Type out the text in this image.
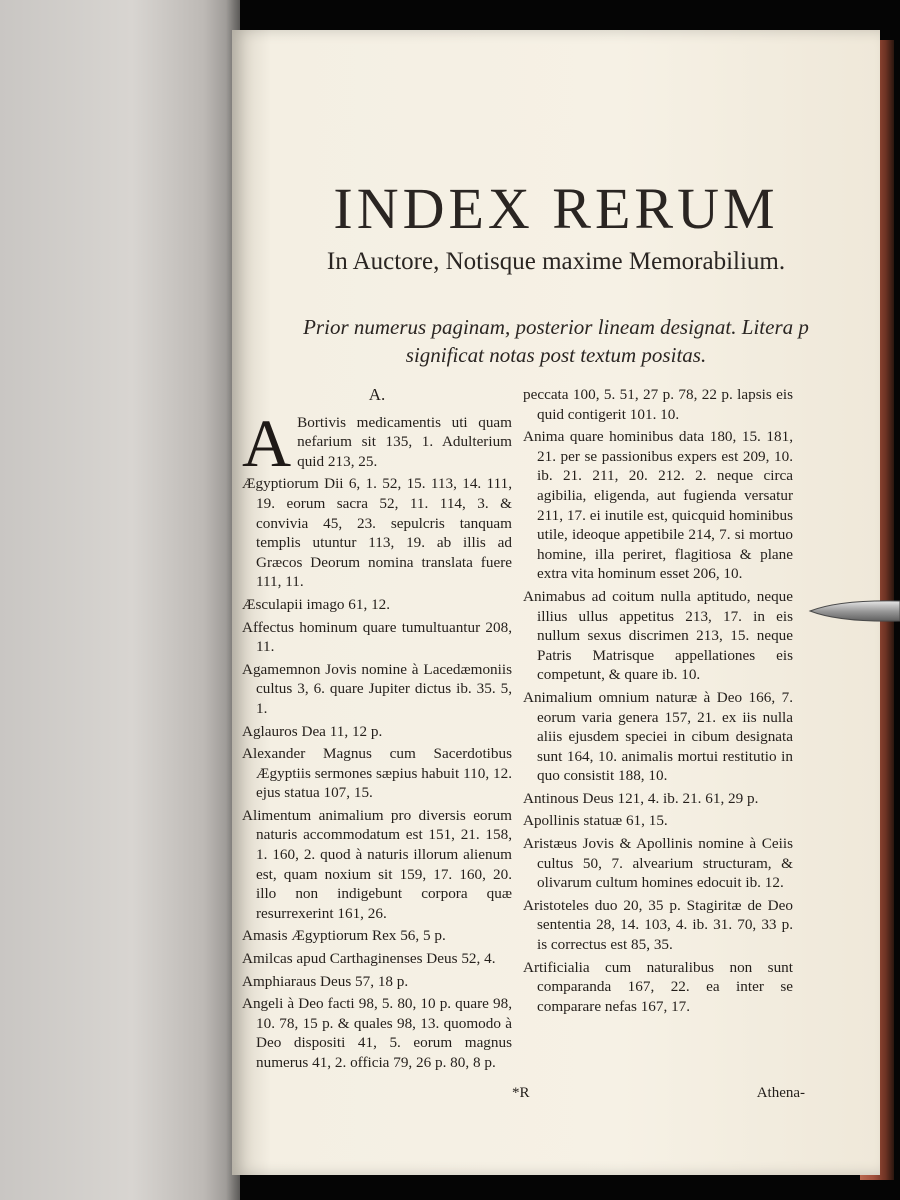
INDEX RERUM
In Auctore, Notisque maxime Memorabilium.
Prior numerus paginam, posterior lineam designat. Litera p
significat notas post textum positas.
A.
A Bortivis medicamentis uti quam nefarium sit 135, 1. Adulterium quid 213, 25.
Ægyptiorum Dii 6, 1. 52, 15. 113, 14. 111, 19. eorum sacra 52, 11. 114, 3. & convivia 45, 23. sepulcris tanquam templis utuntur 113, 19. ab illis ad Græcos Deorum nomina translata fuere 111, 11.
Æsculapii imago 61, 12.
Affectus hominum quare tumultuantur 208, 11.
Agamemnon Jovis nomine à Lacedæmoniis cultus 3, 6. quare Jupiter dictus ib. 35. 5, 1.
Aglauros Dea 11, 12 p.
Alexander Magnus cum Sacerdotibus Ægyptiis sermones sæpius habuit 110, 12. ejus statua 107, 15.
Alimentum animalium pro diversis eorum naturis accommodatum est 151, 21. 158, 1. 160, 2. quod à naturis illorum alienum est, quam noxium sit 159, 17. 160, 20. illo non indigebunt corpora quæ resurrexerint 161, 26.
Amasis Ægyptiorum Rex 56, 5 p.
Amilcas apud Carthaginenses Deus 52, 4.
Amphiaraus Deus 57, 18 p.
Angeli à Deo facti 98, 5. 80, 10 p. quare 98, 10. 78, 15 p. & quales 98, 13. quomodo à Deo dispositi 41, 5. eorum magnus numerus 41, 2. officia 79, 26 p. 80, 8 p.
peccata 100, 5. 51, 27 p. 78, 22 p. lapsis eis quid contigerit 101. 10.
Anima quare hominibus data 180, 15. 181, 21. per se passionibus expers est 209, 10. ib. 21. 211, 20. 212. 2. neque circa agibilia, eligenda, aut fugienda versatur 211, 17. ei inutile est, quicquid hominibus utile, ideoque appetibile 214, 7. si mortuo homine, illa periret, flagitiosa & plane extra vita hominum esset 206, 10.
Animabus ad coitum nulla aptitudo, neque illius ullus appetitus 213, 17. in eis nullum sexus discrimen 213, 15. neque Patris Matrisque appellationes eis competunt, & quare ib. 10.
Animalium omnium naturæ à Deo 166, 7. eorum varia genera 157, 21. ex iis nulla aliis ejusdem speciei in cibum designata sunt 164, 10. animalis mortui restitutio in quo consistit 188, 10.
Antinous Deus 121, 4. ib. 21. 61, 29 p.
Apollinis statuæ 61, 15.
Aristæus Jovis & Apollinis nomine à Ceiis cultus 50, 7. alvearium structuram, & olivarum cultum homines edocuit ib. 12.
Aristoteles duo 20, 35 p. Stagiritæ de Deo sententia 28, 14. 103, 4. ib. 31. 70, 33 p. is correctus est 85, 35.
Artificialia cum naturalibus non sunt comparanda 167, 22. ea inter se comparare nefas 167, 17.
*R	Athena-
